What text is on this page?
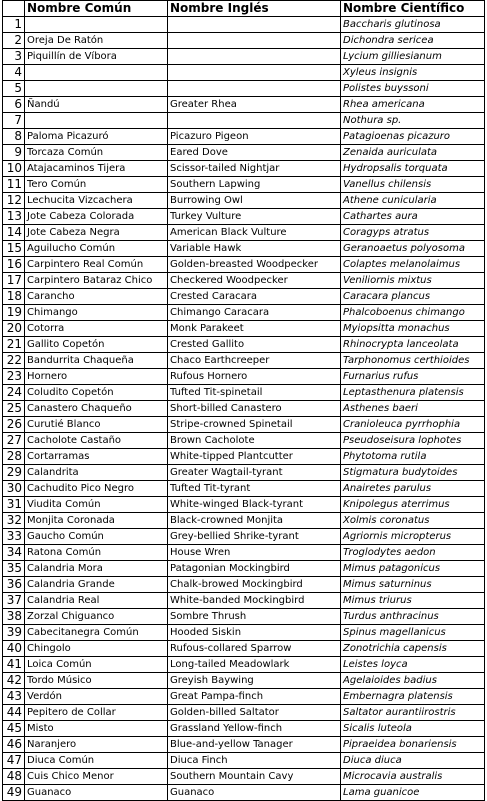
	Nombre Común	Nombre Inglés	Nombre Científico
1			Baccharis glutinosa
2	Oreja De Ratón		Dichondra sericea
3	Piquillín de Víbora		Lycium gilliesianum
4			Xyleus insignis
5			Polistes buyssoni
6	Ñandú	Greater Rhea	Rhea americana
7			Nothura sp.
8	Paloma Picazuró	Picazuro Pigeon	Patagioenas picazuro
9	Torcaza Común	Eared Dove	Zenaida auriculata
10	Atajacaminos Tijera	Scissor-tailed Nightjar	Hydropsalis torquata
11	Tero Común	Southern Lapwing	Vanellus chilensis
12	Lechucita Vizcachera	Burrowing Owl	Athene cunicularia
13	Jote Cabeza Colorada	Turkey Vulture	Cathartes aura
14	Jote Cabeza Negra	American Black Vulture	Coragyps atratus
15	Aguilucho Común	Variable Hawk	Geranoaetus polyosoma
16	Carpintero Real Común	Golden-breasted Woodpecker	Colaptes melanolaimus
17	Carpintero Bataraz Chico	Checkered Woodpecker	Veniliornis mixtus
18	Carancho	Crested Caracara	Caracara plancus
19	Chimango	Chimango Caracara	Phalcoboenus chimango
20	Cotorra	Monk Parakeet	Myiopsitta monachus
21	Gallito Copetón	Crested Gallito	Rhinocrypta lanceolata
22	Bandurrita Chaqueña	Chaco Earthcreeper	Tarphonomus certhioides
23	Hornero	Rufous Hornero	Furnarius rufus
24	Coludito Copetón	Tufted Tit-spinetail	Leptasthenura platensis
25	Canastero Chaqueño	Short-billed Canastero	Asthenes baeri
26	Curutié Blanco	Stripe-crowned Spinetail	Cranioleuca pyrrhophia
27	Cacholote Castaño	Brown Cacholote	Pseudoseisura lophotes
28	Cortarramas	White-tipped Plantcutter	Phytotoma rutila
29	Calandrita	Greater Wagtail-tyrant	Stigmatura budytoides
30	Cachudito Pico Negro	Tufted Tit-tyrant	Anairetes parulus
31	Viudita Común	White-winged Black-tyrant	Knipolegus aterrimus
32	Monjita Coronada	Black-crowned Monjita	Xolmis coronatus
33	Gaucho Común	Grey-bellied Shrike-tyrant	Agriornis micropterus
34	Ratona Común	House Wren	Troglodytes aedon
35	Calandria Mora	Patagonian Mockingbird	Mimus patagonicus
36	Calandria Grande	Chalk-browed Mockingbird	Mimus saturninus
37	Calandria Real	White-banded Mockingbird	Mimus triurus
38	Zorzal Chiguanco	Sombre Thrush	Turdus anthracinus
39	Cabecitanegra Común	Hooded Siskin	Spinus magellanicus
40	Chingolo	Rufous-collared Sparrow	Zonotrichia capensis
41	Loica Común	Long-tailed Meadowlark	Leistes loyca
42	Tordo Músico	Greyish Baywing	Agelaioides badius
43	Verdón	Great Pampa-finch	Embernagra platensis
44	Pepitero de Collar	Golden-billed Saltator	Saltator aurantiirostris
45	Misto	Grassland Yellow-finch	Sicalis luteola
46	Naranjero	Blue-and-yellow Tanager	Pipraeidea bonariensis
47	Diuca Común	Diuca Finch	Diuca diuca
48	Cuis Chico Menor	Southern Mountain Cavy	Microcavia australis
49	Guanaco	Guanaco	Lama guanicoe
